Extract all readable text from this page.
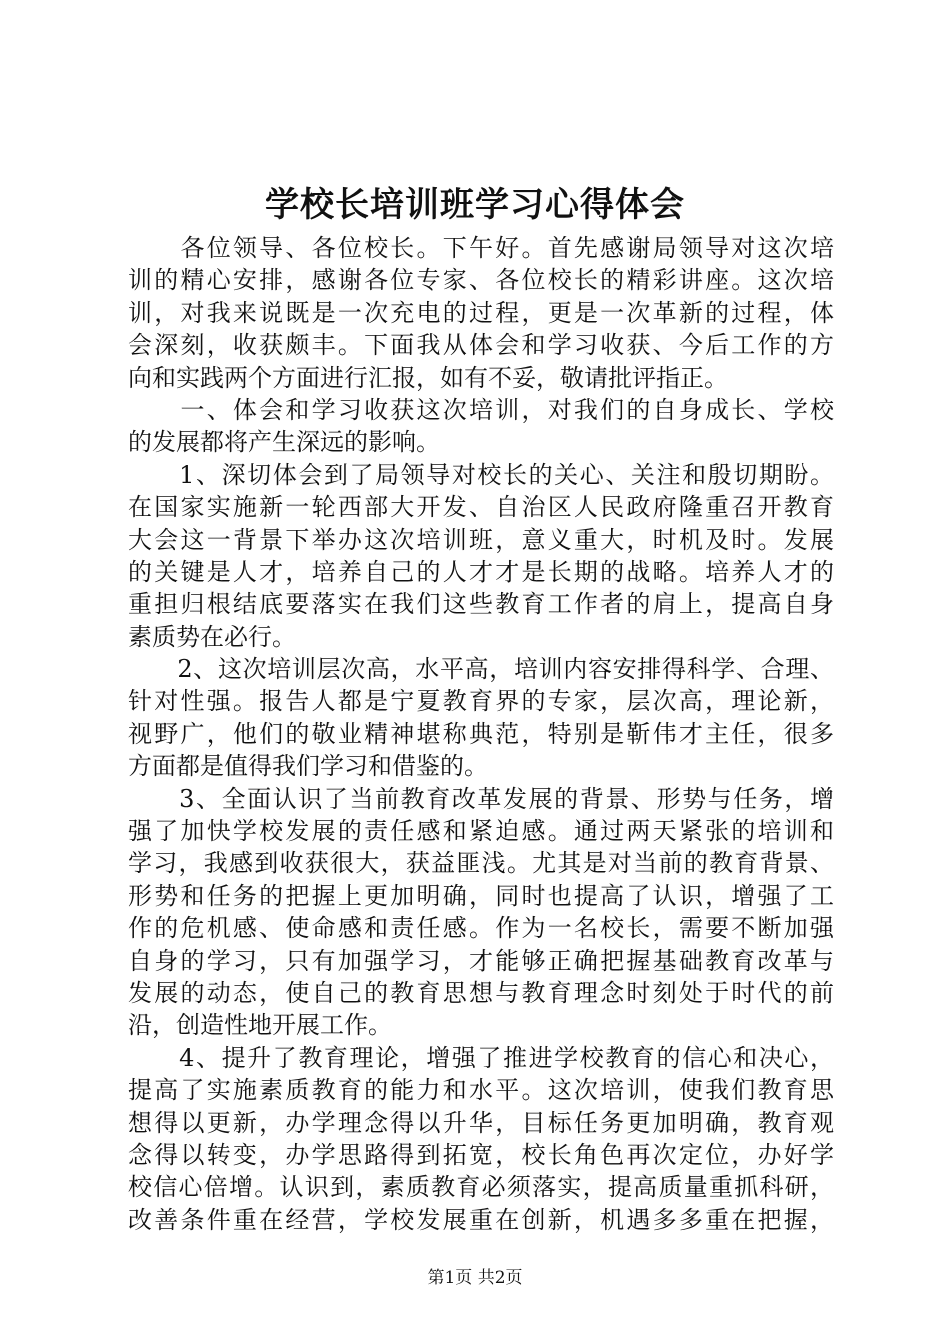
学校长培训班学习心得体会
　　各位领导、各位校长。下午好。首先感谢局领导对这次培
训的精心安排，感谢各位专家、各位校长的精彩讲座。这次培
训，对我来说既是一次充电的过程，更是一次革新的过程，体
会深刻，收获颇丰。下面我从体会和学习收获、今后工作的方
向和实践两个方面进行汇报，如有不妥，敬请批评指正。
　　一、体会和学习收获这次培训，对我们的自身成长、学校
的发展都将产生深远的影响。
　　1、深切体会到了局领导对校长的关心、关注和殷切期盼。
在国家实施新一轮西部大开发、自治区人民政府隆重召开教育
大会这一背景下举办这次培训班，意义重大，时机及时。发展
的关键是人才，培养自己的人才才是长期的战略。培养人才的
重担归根结底要落实在我们这些教育工作者的肩上，提高自身
素质势在必行。
　　2、这次培训层次高，水平高，培训内容安排得科学、合理、
针对性强。报告人都是宁夏教育界的专家，层次高，理论新，
视野广，他们的敬业精神堪称典范，特别是靳伟才主任，很多
方面都是值得我们学习和借鉴的。
　　3、全面认识了当前教育改革发展的背景、形势与任务，增
强了加快学校发展的责任感和紧迫感。通过两天紧张的培训和
学习，我感到收获很大，获益匪浅。尤其是对当前的教育背景、
形势和任务的把握上更加明确，同时也提高了认识，增强了工
作的危机感、使命感和责任感。作为一名校长，需要不断加强
自身的学习，只有加强学习，才能够正确把握基础教育改革与
发展的动态，使自己的教育思想与教育理念时刻处于时代的前
沿，创造性地开展工作。
　　4、提升了教育理论，增强了推进学校教育的信心和决心，
提高了实施素质教育的能力和水平。这次培训，使我们教育思
想得以更新，办学理念得以升华，目标任务更加明确，教育观
念得以转变，办学思路得到拓宽，校长角色再次定位，办好学
校信心倍增。认识到，素质教育必须落实，提高质量重抓科研，
改善条件重在经营，学校发展重在创新，机遇多多重在把握，
第1页 共2页
